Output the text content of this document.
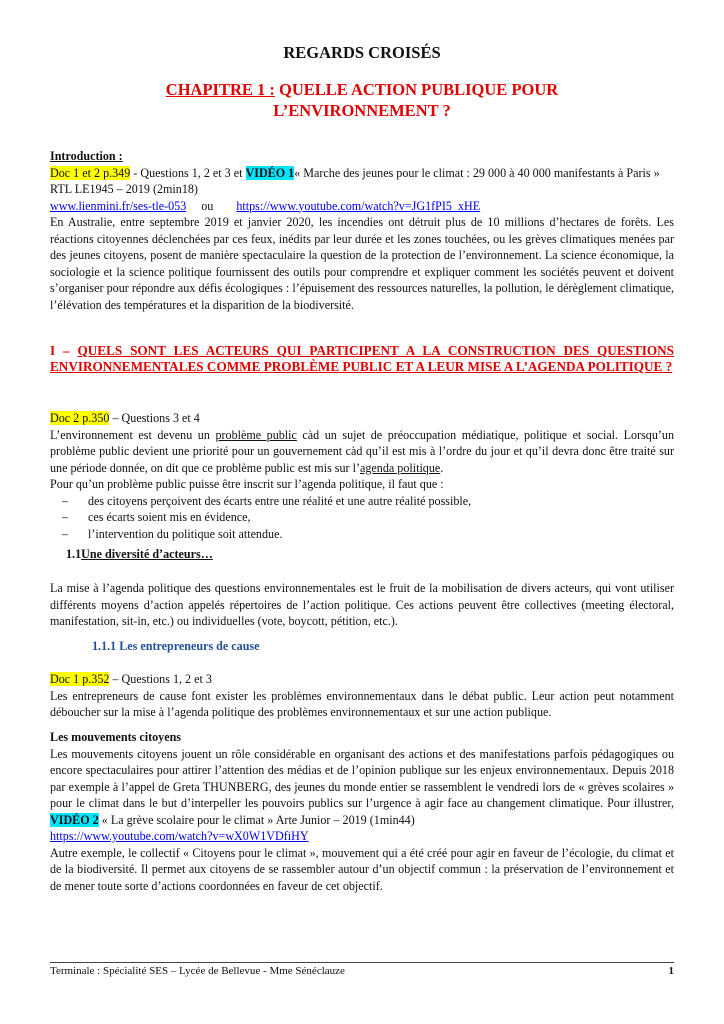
REGARDS CROISÉS
CHAPITRE 1 : QUELLE ACTION PUBLIQUE POUR
L’ENVIRONNEMENT ?
Introduction :
Doc 1 et 2 p.349 - Questions 1, 2 et 3 et VIDÉO 1« Marche des jeunes pour le climat : 29 000 à 40 000 manifestants à Paris » RTL LE1945 – 2019 (2min18)
www.lienmini.fr/ses-tle-053 ou https://www.youtube.com/watch?v=JG1fPI5_xHE
En Australie, entre septembre 2019 et janvier 2020, les incendies ont détruit plus de 10 millions d’hectares de forêts. Les réactions citoyennes déclenchées par ces feux, inédits par leur durée et les zones touchées, ou les grèves climatiques menées par des jeunes citoyens, posent de manière spectaculaire la question de la protection de l’environnement. La science économique, la sociologie et la science politique fournissent des outils pour comprendre et expliquer comment les sociétés peuvent et doivent s’organiser pour répondre aux défis écologiques : l’épuisement des ressources naturelles, la pollution, le dérèglement climatique, l’élévation des températures et la disparition de la biodiversité.
I – QUELS SONT LES ACTEURS QUI PARTICIPENT A LA CONSTRUCTION DES QUESTIONS ENVIRONNEMENTALES COMME PROBLÈME PUBLIC ET A LEUR MISE A L’AGENDA POLITIQUE ?
Doc 2 p.350 – Questions 3 et 4
L’environnement est devenu un problème public càd un sujet de préoccupation médiatique, politique et social. Lorsqu’un problème public devient une priorité pour un gouvernement càd qu’il est mis à l’ordre du jour et qu’il devra donc être traité sur une période donnée, on dit que ce problème public est mis sur l’agenda politique.
Pour qu’un problème public puisse être inscrit sur l’agenda politique, il faut que :
– des citoyens perçoivent des écarts entre une réalité et une autre réalité possible,
– ces écarts soient mis en évidence,
– l’intervention du politique soit attendue.
1.1Une diversité d’acteurs…
La mise à l’agenda politique des questions environnementales est le fruit de la mobilisation de divers acteurs, qui vont utiliser différents moyens d’action appelés répertoires de l’action politique. Ces actions peuvent être collectives (meeting électoral, manifestation, sit-in, etc.) ou individuelles (vote, boycott, pétition, etc.).
1.1.1 Les entrepreneurs de cause
Doc 1 p.352 – Questions 1, 2 et 3
Les entrepreneurs de cause font exister les problèmes environnementaux dans le débat public. Leur action peut notamment déboucher sur la mise à l’agenda politique des problèmes environnementaux et sur une action publique.
Les mouvements citoyens
Les mouvements citoyens jouent un rôle considérable en organisant des actions et des manifestations parfois pédagogiques ou encore spectaculaires pour attirer l’attention des médias et de l’opinion publique sur les enjeux environnementaux. Depuis 2018 par exemple à l’appel de Greta THUNBERG, des jeunes du monde entier se rassemblent le vendredi lors de « grèves scolaires » pour le climat dans le but d’interpeller les pouvoirs publics sur l’urgence à agir face au changement climatique. Pour illustrer, VIDÉO 2 « La grève scolaire pour le climat » Arte Junior – 2019 (1min44)
https://www.youtube.com/watch?v=wX0W1VDfiHY
Autre exemple, le collectif « Citoyens pour le climat », mouvement qui a été créé pour agir en faveur de l’écologie, du climat et de la biodiversité. Il permet aux citoyens de se rassembler autour d’un objectif commun : la préservation de l’environnement et de mener toute sorte d’actions coordonnées en faveur de cet objectif.
Terminale : Spécialité SES – Lycée de Bellevue - Mme Sénéclauze	1
